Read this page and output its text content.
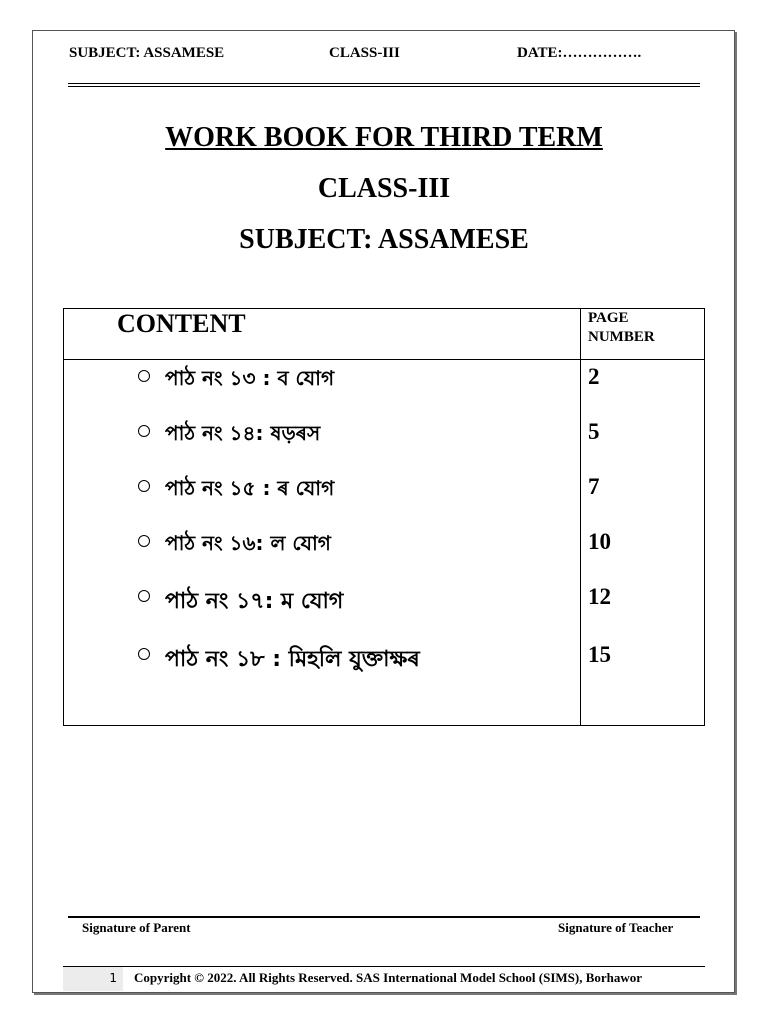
SUBJECT: ASSAMESE	CLASS-III	DATE:…………….
WORK BOOK FOR THIRD TERM
CLASS-III
SUBJECT: ASSAMESE
CONTENT	PAGE
NUMBER
পাঠ নং ১৩ : ব যোগ	2
পাঠ নং ১৪: ষড়ৰস	5
পাঠ নং ১৫ : ৰ যোগ	7
পাঠ নং ১৬: ল যোগ	10
পাঠ নং ১৭: ম যোগ	12
পাঠ নং ১৮ : মিহলি যুক্তাক্ষৰ	15
Signature of Parent	Signature of Teacher
1	Copyright © 2022. All Rights Reserved. SAS International Model School (SIMS), Borhawor
